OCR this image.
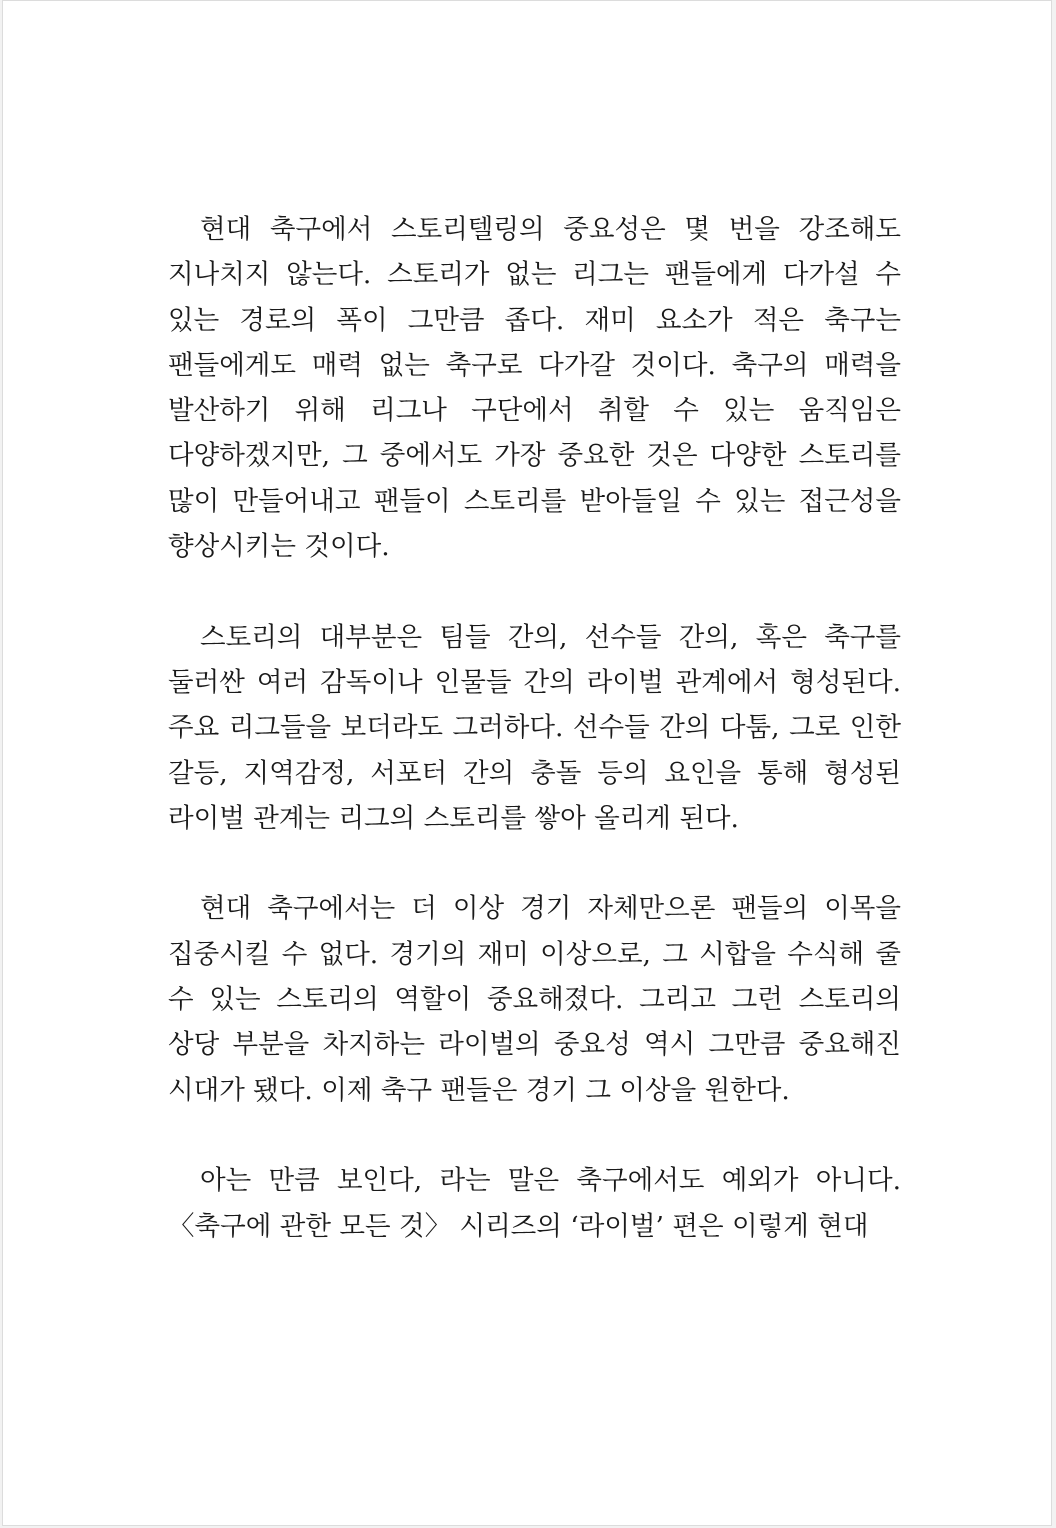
현대 축구에서 스토리텔링의 중요성은 몇 번을 강조해도 지나치지 않는다. 스토리가 없는 리그는 팬들에게 다가설 수 있는 경로의 폭이 그만큼 좁다. 재미 요소가 적은 축구는 팬들에게도 매력 없는 축구로 다가갈 것이다. 축구의 매력을 발산하기 위해 리그나 구단에서 취할 수 있는 움직임은 다양하겠지만, 그 중에서도 가장 중요한 것은 다양한 스토리를 많이 만들어내고 팬들이 스토리를 받아들일 수 있는 접근성을 향상시키는 것이다.

스토리의 대부분은 팀들 간의, 선수들 간의, 혹은 축구를 둘러싼 여러 감독이나 인물들 간의 라이벌 관계에서 형성된다. 주요 리그들을 보더라도 그러하다. 선수들 간의 다툼, 그로 인한 갈등, 지역감정, 서포터 간의 충돌 등의 요인을 통해 형성된 라이벌 관계는 리그의 스토리를 쌓아 올리게 된다.

현대 축구에서는 더 이상 경기 자체만으론 팬들의 이목을 집중시킬 수 없다. 경기의 재미 이상으로, 그 시합을 수식해 줄 수 있는 스토리의 역할이 중요해졌다. 그리고 그런 스토리의 상당 부분을 차지하는 라이벌의 중요성 역시 그만큼 중요해진 시대가 됐다. 이제 축구 팬들은 경기 그 이상을 원한다.

아는 만큼 보인다, 라는 말은 축구에서도 예외가 아니다. 〈축구에 관한 모든 것〉 시리즈의 ‘라이벌’ 편은 이렇게 현대
